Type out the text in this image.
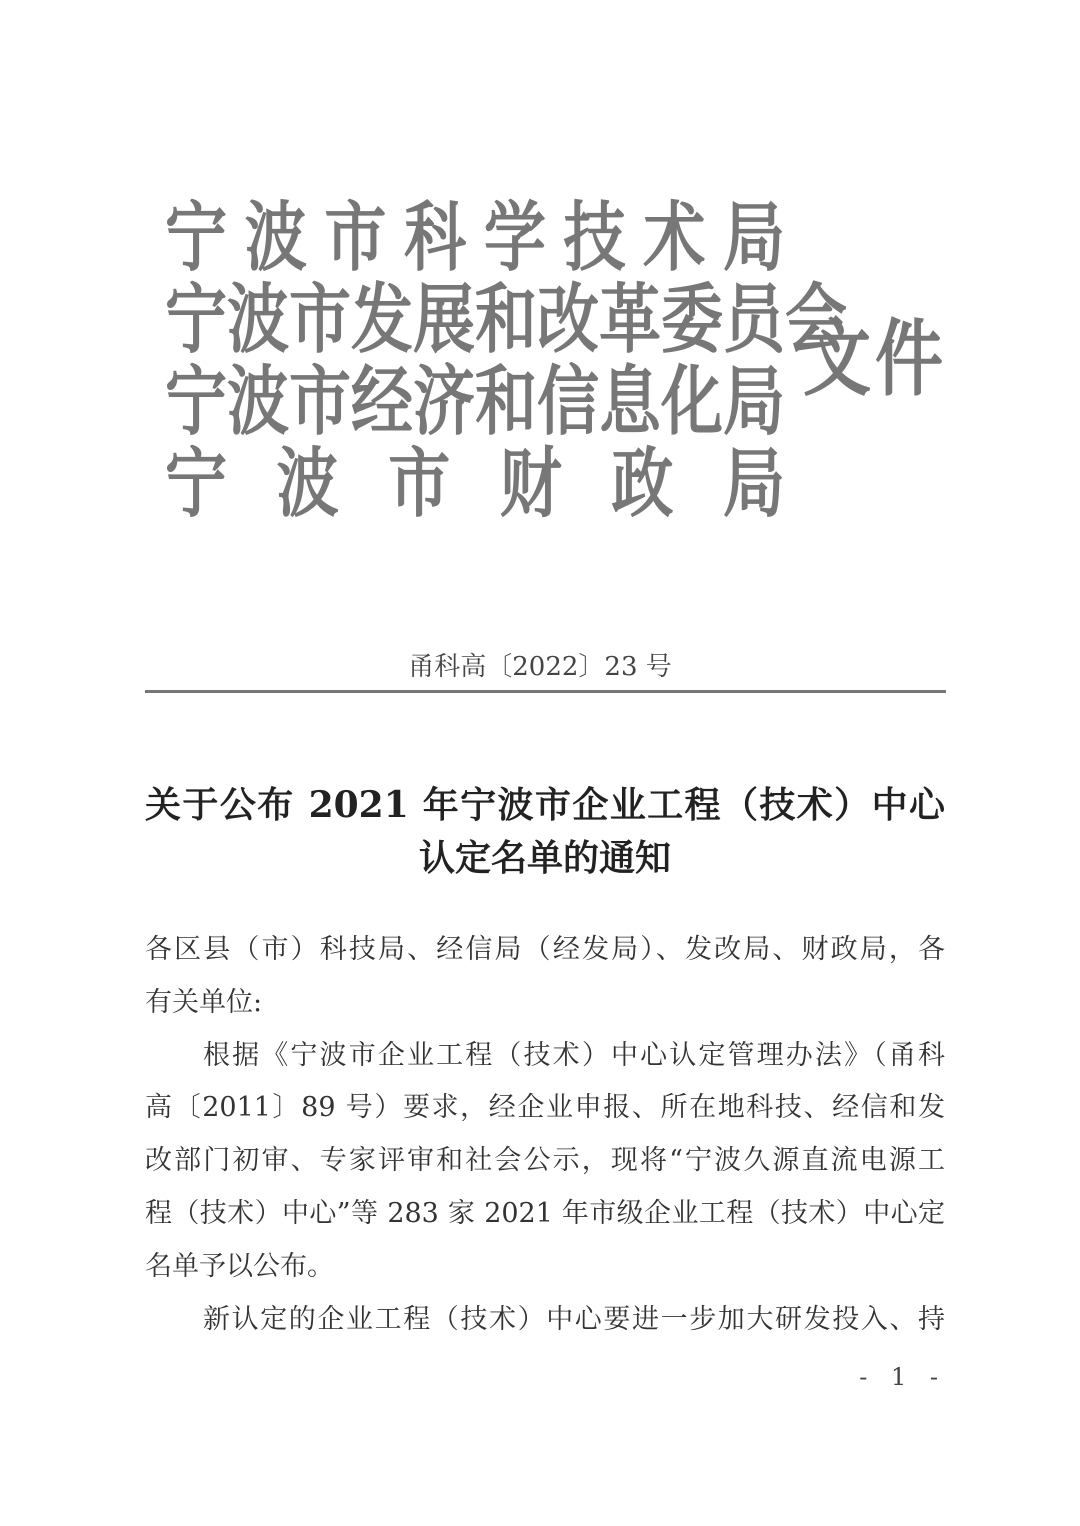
宁波市科学技术局
宁波市发展和改革委员会
宁波市经济和信息化局
宁波市财政局
文件
甬科高〔2022〕23 号
关于公布 2021 年宁波市企业工程（技术）中心
认定名单的通知
各区县（市）科技局、经信局（经发局）、发改局、财政局，各
有关单位:
根据《宁波市企业工程（技术）中心认定管理办法》（甬科
高〔2011〕89 号）要求，经企业申报、所在地科技、经信和发
改部门初审、专家评审和社会公示，现将“宁波久源直流电源工
程（技术）中心”等 283 家 2021 年市级企业工程（技术）中心定
名单予以公布。
新认定的企业工程（技术）中心要进一步加大研发投入、持
- 1 -
